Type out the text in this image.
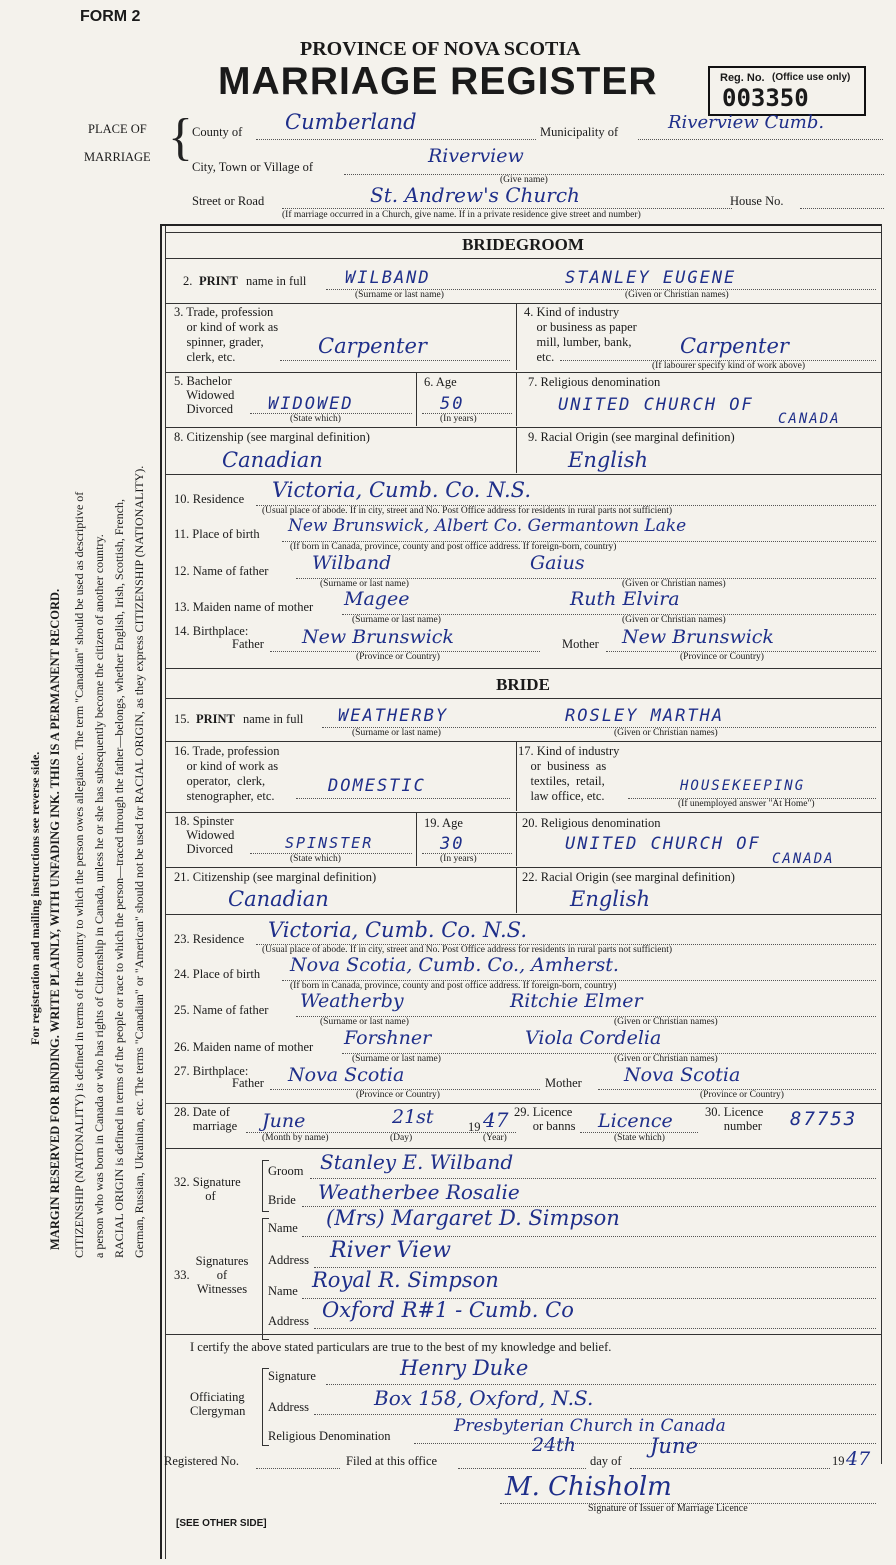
FORM 2
PROVINCE OF NOVA SCOTIA
MARRIAGE REGISTER	Reg. No. (Office use only)
003350
PLACE OF
MARRIAGE { County of Cumberland	Municipality of	Riverview Cumb.
City, Town or Village of	Riverview
(Give name)
Street or Road	St. Andrew's Church	House No.
(If marriage occurred in a Church, give name. If in a private residence give street and number)
For registration and mailing instructions see reverse side. MARGIN RESERVED FOR BINDING. WRITE PLAINLY, WITH UNFADING INK. THIS IS A PERMANENT RECORD. CITIZENSHIP (NATIONALITY) is defined in terms of the country to which the person owes allegiance. The term "Canadian" should be used as descriptive of a person who was born in Canada or who has rights of Citizenship in Canada, unless he or she has subsequently become the citizen of another country. RACIAL ORIGIN is defined in terms of the people or race to which the person—traced through the father—belongs, whether English, Irish, Scottish, French, German, Russian, Ukrainian, etc. The terms "Canadian" or "American" should not be used for RACIAL ORIGIN, as they express CITIZENSHIP (NATIONALITY).
BRIDEGROOM
2. PRINT name in full WILBAND	STANLEY EUGENE
(Surname or last name)	(Given or Christian names)
3. Trade, profession
or kind of work as
spinner, grader,
clerk, etc.	Carpenter
4. Kind of industry
or business as paper
mill, lumber, bank,
etc.	Carpenter
(If labourer specify kind of work above)
5. Bachelor
Widowed
Divorced WIDOWED
(State which)
6. Age
50
(In years)
7. Religious denomination
UNITED CHURCH OF
CANADA
8. Citizenship (see marginal definition)
Canadian
9. Racial Origin (see marginal definition)
English
10. Residence Victoria, Cumb. Co. N.S.
(Usual place of abode. If in city, street and No. Post Office address for residents in rural parts not sufficient)
11. Place of birth New Brunswick, Albert Co. Germantown Lake
(If born in Canada, province, county and post office address. If foreign-born, country)
12. Name of father Wilband	Gaius
(Surname or last name)	(Given or Christian names)
13. Maiden name of mother Magee	Ruth Elvira
(Surname or last name)	(Given or Christian names)
14. Birthplace:
Father New Brunswick	Mother New Brunswick
(Province or Country)	(Province or Country)
BRIDE
15. PRINT name in full WEATHERBY	ROSLEY MARTHA
(Surname or last name)	(Given or Christian names)
16. Trade, profession
or kind of work as
operator,  clerk,
stenographer, etc.	DOMESTIC
17. Kind of industry
or  business  as
textiles,  retail,
law office, etc.
HOUSEKEEPING
(If unemployed answer "At Home")
18. Spinster
Widowed
Divorced	SPINSTER
(State which)
19. Age
30
(In years)
20. Religious denomination
UNITED CHURCH OF
CANADA
21. Citizenship (see marginal definition)
Canadian
22. Racial Origin (see marginal definition)
English
23. Residence Victoria, Cumb. Co. N.S.
(Usual place of abode. If in city, street and No. Post Office address for residents in rural parts not sufficient)
24. Place of birth Nova Scotia, Cumb. Co., Amherst.
(If born in Canada, province, county and post office address. If foreign-born, country)
25. Name of father Weatherby	Ritchie Elmer
(Surname or last name)	(Given or Christian names)
26. Maiden name of mother Forshner	Viola Cordelia
(Surname or last name)	(Given or Christian names)
27. Birthplace:
Father Nova Scotia	Mother Nova Scotia
(Province or Country)	(Province or Country)
28. Date of
marriage June	21st	19 47
(Month by name)	(Day)	(Year)
29. Licence
or banns Licence
(State which)
30. Licence
number 87753
32. Signature
of
Groom Stanley E. Wilband
Bride Weatherbee Rosalie
33.
Signatures
of
Witnesses
Name (Mrs) Margaret D. Simpson
Address River View
Name Royal R. Simpson
Address Oxford R#1 - Cumb. Co
I certify the above stated particulars are true to the best of my knowledge and belief.
Officiating
Clergyman
Signature	Henry Duke
Address	Box 158, Oxford, N.S.
Religious Denomination	Presbyterian Church in Canada
Registered No.	Filed at this office
24th
day of
June
19 47
M. Chisholm
Signature of Issuer of Marriage Licence
[SEE OTHER SIDE]
